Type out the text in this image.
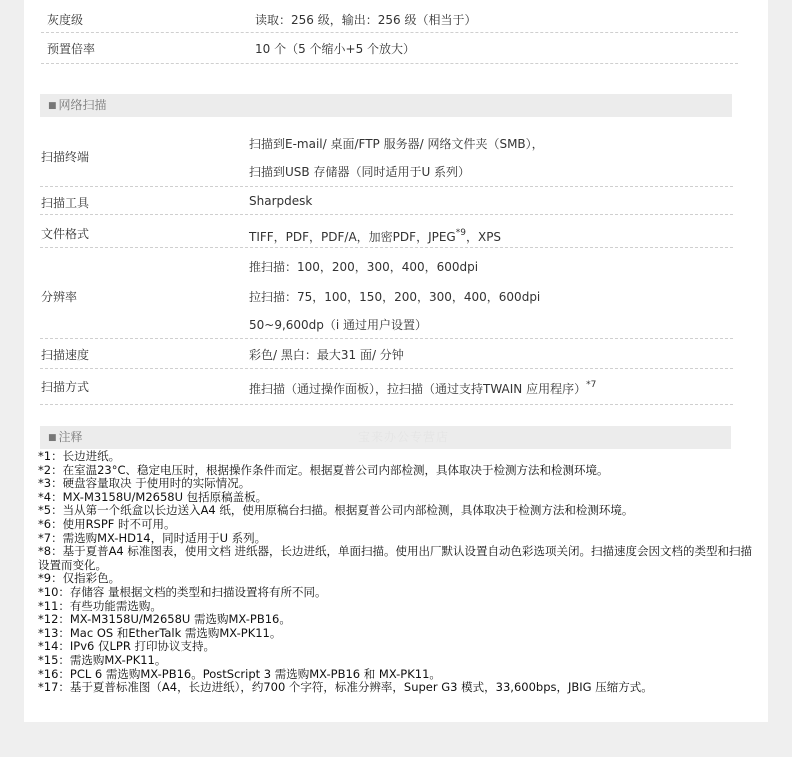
灰度级	读取：256 级，输出：256 级（相当于）
预置倍率	10 个（5 个缩小+5 个放大）
■ 网络扫描
扫描终端
扫描到E-mail/ 桌面/FTP 服务器/ 网络文件夹（SMB），
扫描到USB 存储器（同时适用于U 系列）
扫描工具	Sharpdesk
文件格式	TIFF，PDF，PDF/A，加密PDF，JPEG$^{*9}$，XPS
分辨率
推扫描：100，200，300，400，600dpi
拉扫描：75，100，150，200，300，400，600dpi
50~9,600dp（i 通过用户设置）
扫描速度	彩色/ 黑白：最大31 面/ 分钟
扫描方式	推扫描（通过操作面板），拉扫描（通过支持TWAIN 应用程序）$^{*7}$
■ 注释	宝来办公专营店
*1：长边进纸。
*2：在室温23°C、稳定电压时，根据操作条件而定。根据夏普公司内部检测，具体取决于检测方法和检测环境。
*3：硬盘容量取决 于使用时的实际情况。
*4：MX-M3158U/M2658U 包括原稿盖板。
*5：当从第一个纸盒以长边送入A4 纸，使用原稿台扫描。根据夏普公司内部检测，具体取决于检测方法和检测环境。
*6：使用RSPF 时不可用。
*7：需选购MX-HD14，同时适用于U 系列。
*8：基于夏普A4 标准图表，使用文档 进纸器，长边进纸，单面扫描。使用出厂默认设置自动色彩选项关闭。扫描速度会因文档的类型和扫描设置而变化。
*9：仅指彩色。
*10：存储容 量根据文档的类型和扫描设置将有所不同。
*11：有些功能需选购。
*12：MX-M3158U/M2658U 需选购MX-PB16。
*13：Mac OS 和EtherTalk 需选购MX-PK11。
*14：IPv6 仅LPR 打印协议支持。
*15：需选购MX-PK11。
*16：PCL 6 需选购MX-PB16。PostScript 3 需选购MX-PB16 和 MX-PK11。
*17：基于夏普标准图（A4，长边进纸），约700 个字符，标准分辨率，Super G3 模式，33,600bps，JBIG 压缩方式。
